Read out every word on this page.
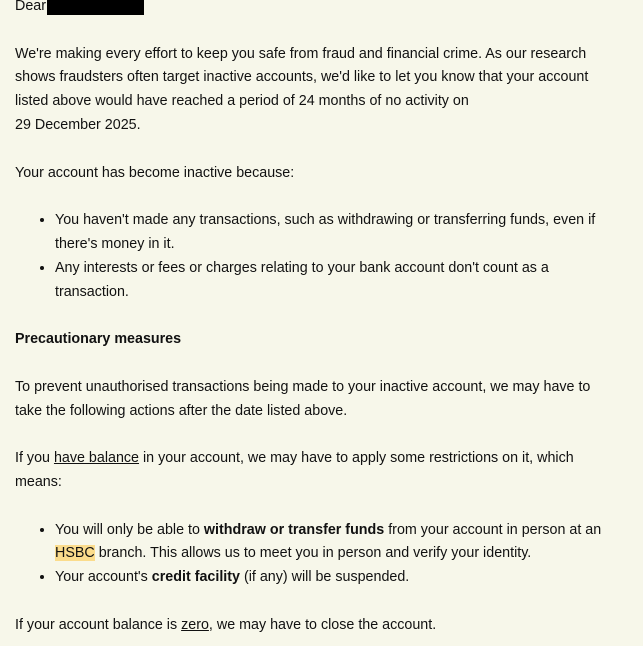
Dear

We're making every effort to keep you safe from fraud and financial crime. As our research
shows fraudsters often target inactive accounts, we'd like to let you know that your account
listed above would have reached a period of 24 months of no activity on
29 December 2025.

Your account has become inactive because:

• You haven't made any transactions, such as withdrawing or transferring funds, even if there's money in it.
• Any interests or fees or charges relating to your bank account don't count as a transaction.

Precautionary measures

To prevent unauthorised transactions being made to your inactive account, we may have to take the following actions after the date listed above.

If you have balance in your account, we may have to apply some restrictions on it, which means:

• You will only be able to withdraw or transfer funds from your account in person at an HSBC branch. This allows us to meet you in person and verify your identity.
• Your account's credit facility (if any) will be suspended.

If your account balance is zero, we may have to close the account.
